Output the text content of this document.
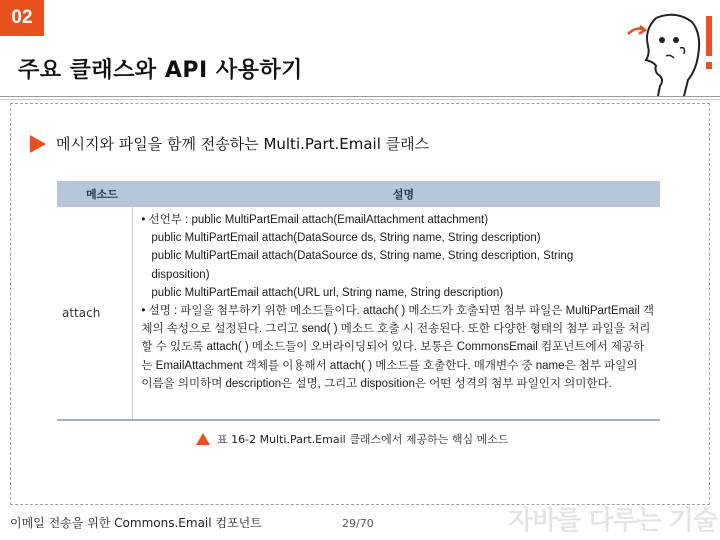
02
주요 클래스와 API 사용하기
메시지와 파일을 함께 전송하는 Multi.Part.Email 클래스
메소드	설명
attach
• 선언부 : public MultiPartEmail attach(EmailAttachment attachment)
public MultiPartEmail attach(DataSource ds, String name, String description)
public MultiPartEmail attach(DataSource ds, String name, String description, String
disposition)
public MultiPartEmail attach(URL url, String name, String description)
• 설명 : 파일을 첨부하기 위한 메소드들이다. attach( ) 메소드가 호출되면 첨부 파일은 MultiPartEmail 객
체의 속성으로 설정된다. 그리고 send( ) 메소드 호출 시 전송된다. 또한 다양한 형태의 첨부 파일을 처리
할 수 있도록 attach( ) 메소드들이 오버라이딩되어 있다. 보통은 CommonsEmail 컴포넌트에서 제공하
는 EmailAttachment 객체를 이용해서 attach( ) 메소드를 호출한다. 매개변수 중 name은 첨부 파일의
이름을 의미하며 description은 설명, 그리고 disposition은 어떤 성격의 첨부 파일인지 의미한다.
표 16-2 Multi.Part.Email 클래스에서 제공하는 핵심 메소드
이메일 전송을 위한 Commons.Email 컴포넌트	29/70	자바를 다루는 기술
